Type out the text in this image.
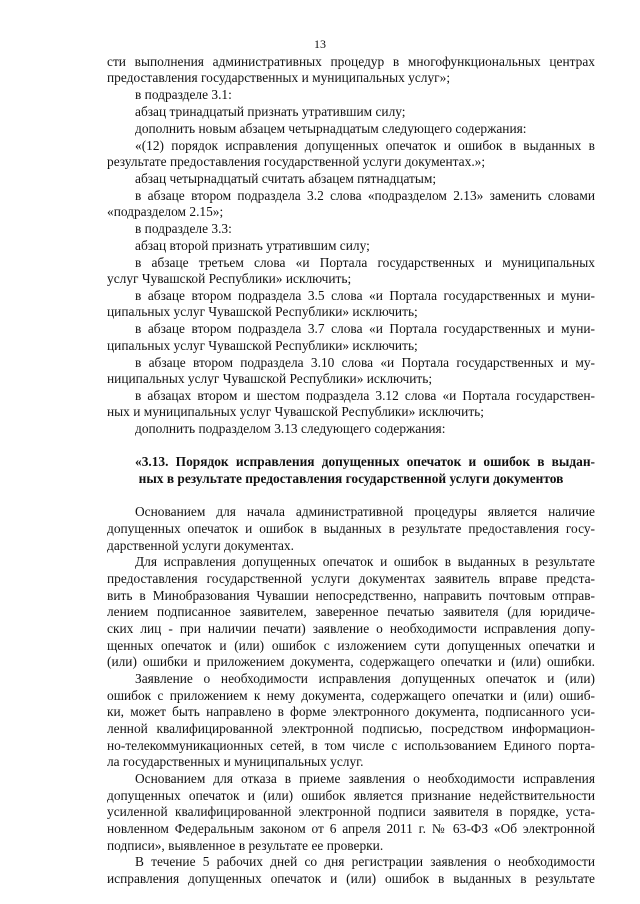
13
сти выполнения административных процедур в многофункциональных центрах
предоставления государственных и муниципальных услуг»;
в подразделе 3.1:
абзац тринадцатый признать утратившим силу;
дополнить новым абзацем четырнадцатым следующего содержания:
«(12) порядок исправления допущенных опечаток и ошибок в выданных в
результате предоставления государственной услуги документах.»;
абзац четырнадцатый считать абзацем пятнадцатым;
в абзаце втором подраздела 3.2 слова «подразделом 2.13» заменить словами
«подразделом 2.15»;
в подразделе 3.3:
абзац второй признать утратившим силу;
в абзаце третьем слова «и Портала государственных и муниципальных
услуг Чувашской Республики» исключить;
в абзаце втором подраздела 3.5 слова «и Портала государственных и муни-
ципальных услуг Чувашской Республики» исключить;
в абзаце втором подраздела 3.7 слова «и Портала государственных и муни-
ципальных услуг Чувашской Республики» исключить;
в абзаце втором подраздела 3.10 слова «и Портала государственных и му-
ниципальных услуг Чувашской Республики» исключить;
в абзацах втором и шестом подраздела 3.12 слова «и Портала государствен-
ных и муниципальных услуг Чувашской Республики» исключить;
дополнить подразделом 3.13 следующего содержания:
«3.13. Порядок исправления допущенных опечаток и ошибок в выдан-
ных в результате предоставления государственной услуги документов
Основанием для начала административной процедуры является наличие
допущенных опечаток и ошибок в выданных в результате предоставления госу-
дарственной услуги документах.
Для исправления допущенных опечаток и ошибок в выданных в результате
предоставления государственной услуги документах заявитель вправе предста-
вить в Минобразования Чувашии непосредственно, направить почтовым отправ-
лением подписанное заявителем, заверенное печатью заявителя (для юридиче-
ских лиц - при наличии печати) заявление о необходимости исправления допу-
щенных опечаток и (или) ошибок с изложением сути допущенных опечатки и
(или) ошибки и приложением документа, содержащего опечатки и (или) ошибки.
Заявление о необходимости исправления допущенных опечаток и (или)
ошибок с приложением к нему документа, содержащего опечатки и (или) ошиб-
ки, может быть направлено в форме электронного документа, подписанного уси-
ленной квалифицированной электронной подписью, посредством информацион-
но-телекоммуникационных сетей, в том числе с использованием Единого порта-
ла государственных и муниципальных услуг.
Основанием для отказа в приеме заявления о необходимости исправления
допущенных опечаток и (или) ошибок является признание недействительности
усиленной квалифицированной электронной подписи заявителя в порядке, уста-
новленном Федеральным законом от 6 апреля 2011 г. № 63-ФЗ «Об электронной
подписи», выявленное в результате ее проверки.
В течение 5 рабочих дней со дня регистрации заявления о необходимости
исправления допущенных опечаток и (или) ошибок в выданных в результате
